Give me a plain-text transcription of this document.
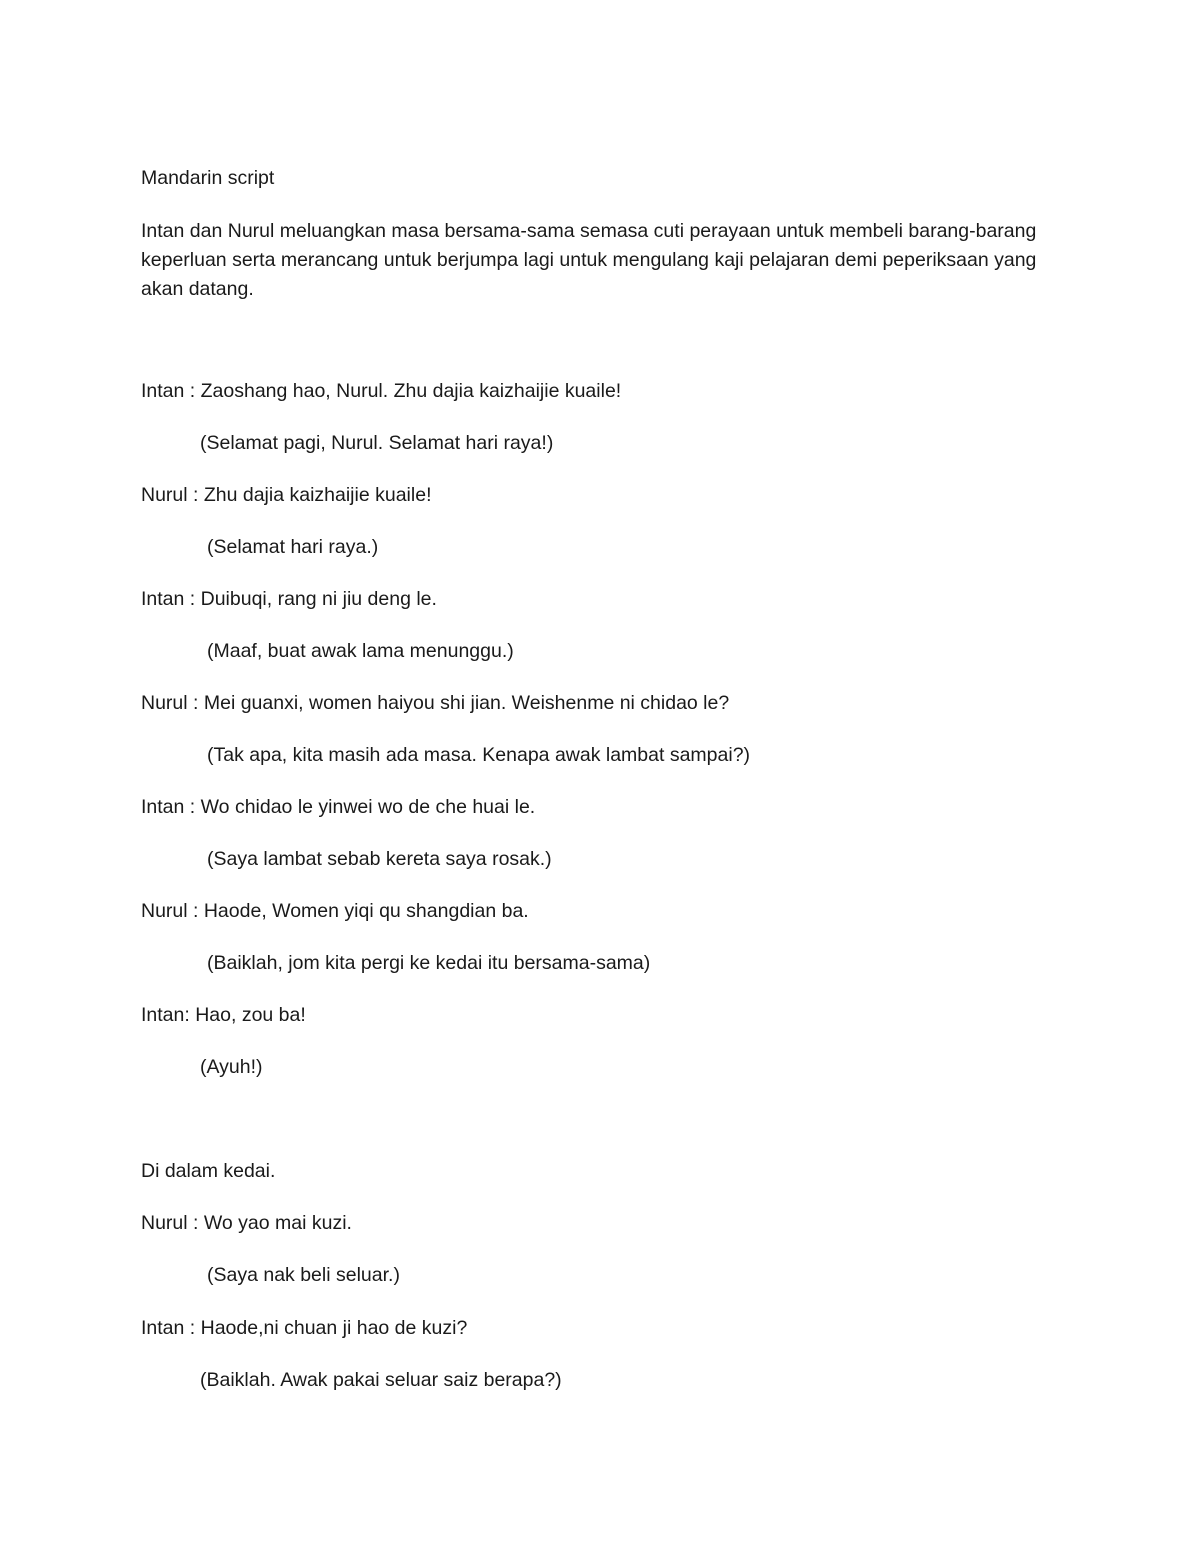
Mandarin script

Intan dan Nurul meluangkan masa bersama-sama semasa cuti perayaan untuk membeli barang-barang keperluan serta merancang untuk berjumpa lagi untuk mengulang kaji pelajaran demi peperiksaan yang akan datang.

Intan : Zaoshang hao, Nurul. Zhu dajia kaizhaijie kuaile!

(Selamat pagi, Nurul. Selamat hari raya!)

Nurul : Zhu dajia kaizhaijie kuaile!

(Selamat hari raya.)

Intan : Duibuqi, rang ni jiu deng le.

(Maaf, buat awak lama menunggu.)

Nurul : Mei guanxi, women haiyou shi jian. Weishenme ni chidao le?

(Tak apa, kita masih ada masa. Kenapa awak lambat sampai?)

Intan : Wo chidao le yinwei wo de che huai le.

(Saya lambat sebab kereta saya rosak.)

Nurul : Haode, Women yiqi qu shangdian ba.

(Baiklah, jom kita pergi ke kedai itu bersama-sama)

Intan: Hao, zou ba!

(Ayuh!)

Di dalam kedai.

Nurul : Wo yao mai kuzi.

(Saya nak beli seluar.)

Intan : Haode,ni chuan ji hao de kuzi?

(Baiklah. Awak pakai seluar saiz berapa?)
